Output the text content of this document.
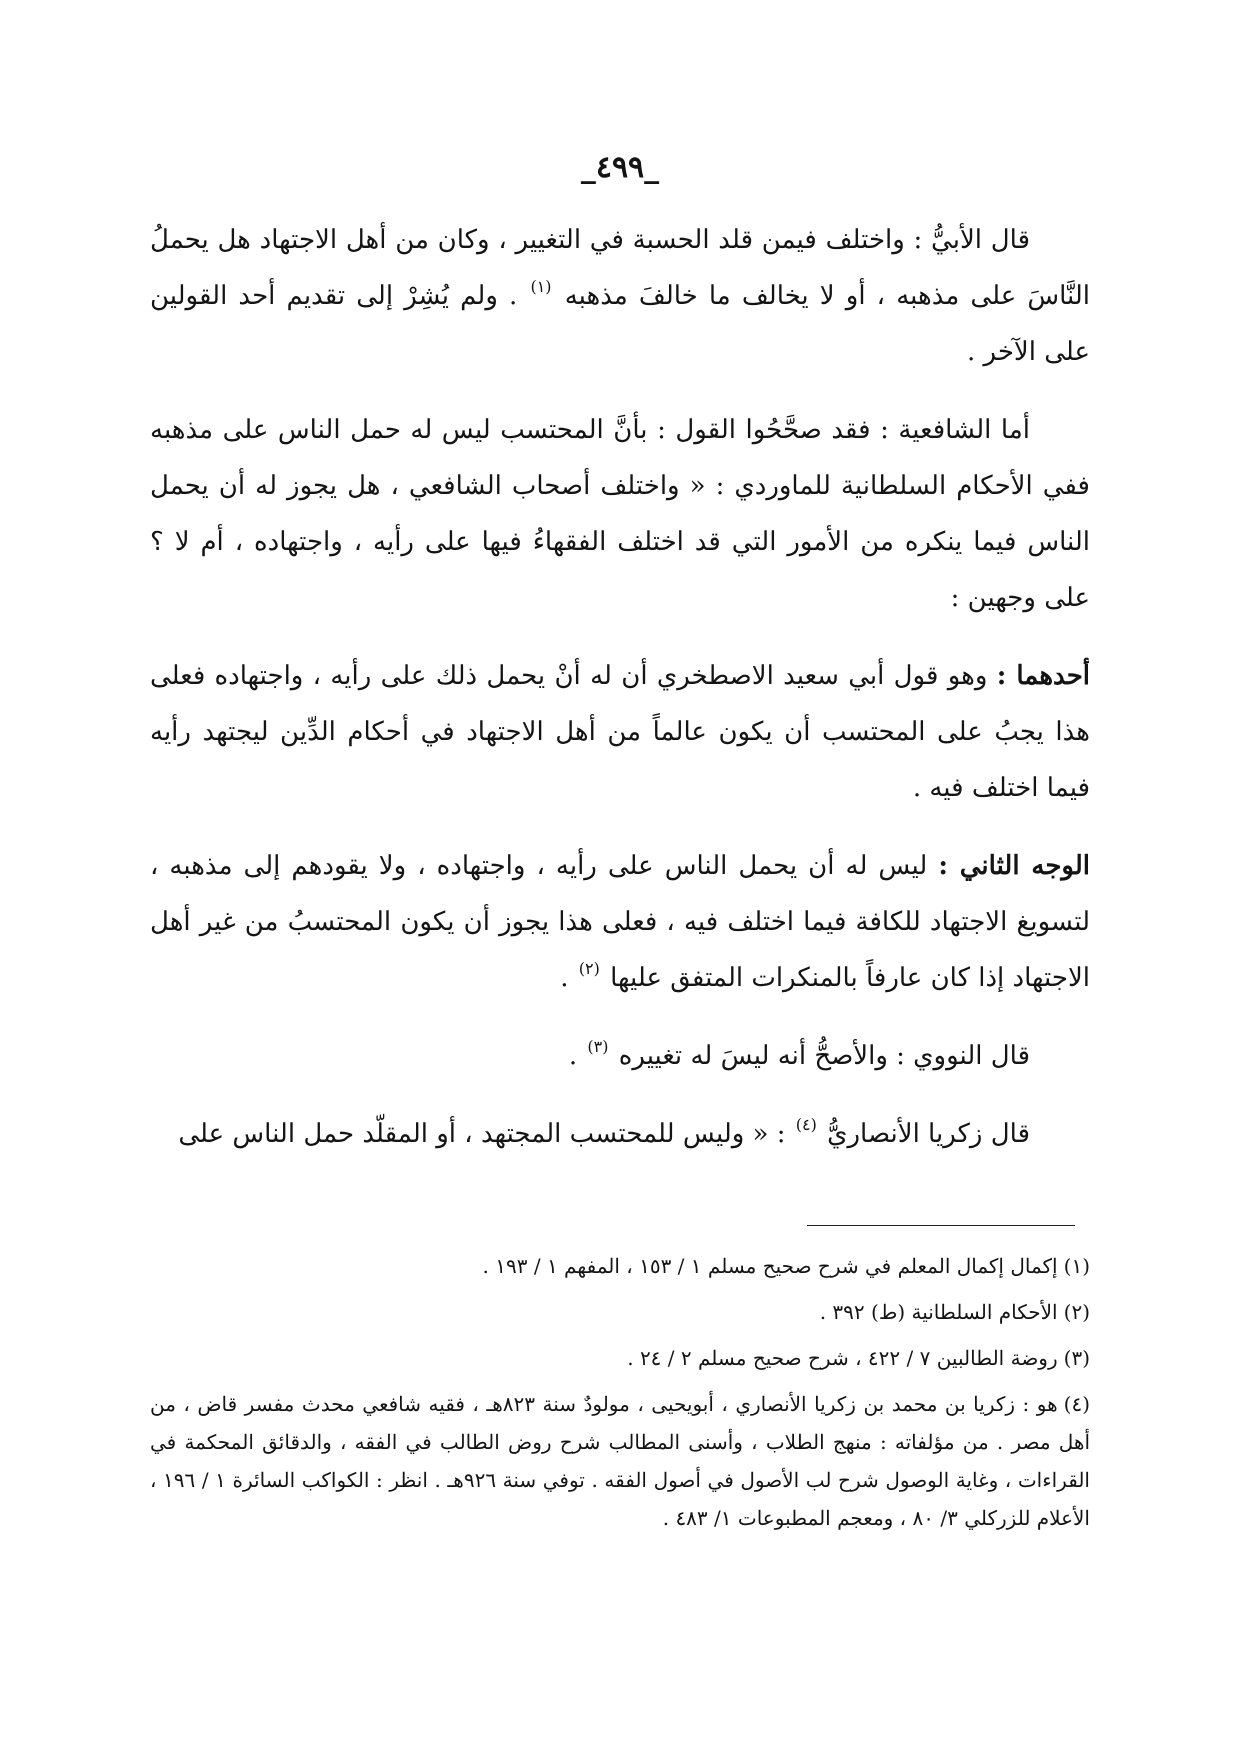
_٤٩٩_

قال الأبيُّ : واختلف فيمن قلد الحسبة في التغيير ، وكان من أهل الاجتهاد هل يحملُ النَّاسَ على مذهبه ، أو لا يخالف ما خالفَ مذهبه $^{(١)}$ . ولم يُشِرْ إلى تقديم أحد القولين على الآخر .

أما الشافعية : فقد صحَّحُوا القول : بأنَّ المحتسب ليس له حمل الناس على مذهبه ففي الأحكام السلطانية للماوردي : « واختلف أصحاب الشافعي ، هل يجوز له أن يحمل الناس فيما ينكره من الأمور التي قد اختلف الفقهاءُ فيها على رأيه ، واجتهاده ، أم لا ؟ على وجهين :

أحدهما : وهو قول أبي سعيد الاصطخري أن له أنْ يحمل ذلك على رأيه ، واجتهاده فعلى هذا يجبُ على المحتسب أن يكون عالماً من أهل الاجتهاد في أحكام الدِّين ليجتهد رأيه فيما اختلف فيه .

الوجه الثاني : ليس له أن يحمل الناس على رأيه ، واجتهاده ، ولا يقودهم إلى مذهبه ، لتسويغ الاجتهاد للكافة فيما اختلف فيه ، فعلى هذا يجوز أن يكون المحتسبُ من غير أهل الاجتهاد إذا كان عارفاً بالمنكرات المتفق عليها $^{(٢)}$ .

قال النووي : والأصحُّ أنه ليسَ له تغييره $^{(٣)}$ .

قال زكريا الأنصاريُّ $^{(٤)}$ : « وليس للمحتسب المجتهد ، أو المقلّد حمل الناس على

(١)إكمال إكمال المعلم في شرح صحيح مسلم ١ / ١٥٣ ، المفهم ١ / ١٩٣ .
(٢)الأحكام السلطانية (ط) ٣٩٢ .
(٣)روضة الطالبين ٧ / ٤٢٢ ، شرح صحيح مسلم ٢ / ٢٤ .
(٤)هو : زكريا بن محمد بن زكريا الأنصاري ، أبويحيى ، مولودٌ سنة ٨٢٣هـ ، فقيه شافعي محدث مفسر قاض ، من أهل مصر . من مؤلفاته : منهج الطلاب ، وأسنى المطالب شرح روض الطالب في الفقه ، والدقائق المحكمة في القراءات ، وغاية الوصول شرح لب الأصول في أصول الفقه . توفي سنة ٩٢٦هـ . انظر : الكواكب السائرة ١ / ١٩٦ ، الأعلام للزركلي ٣/ ٨٠ ، ومعجم المطبوعات ١/ ٤٨٣ .
